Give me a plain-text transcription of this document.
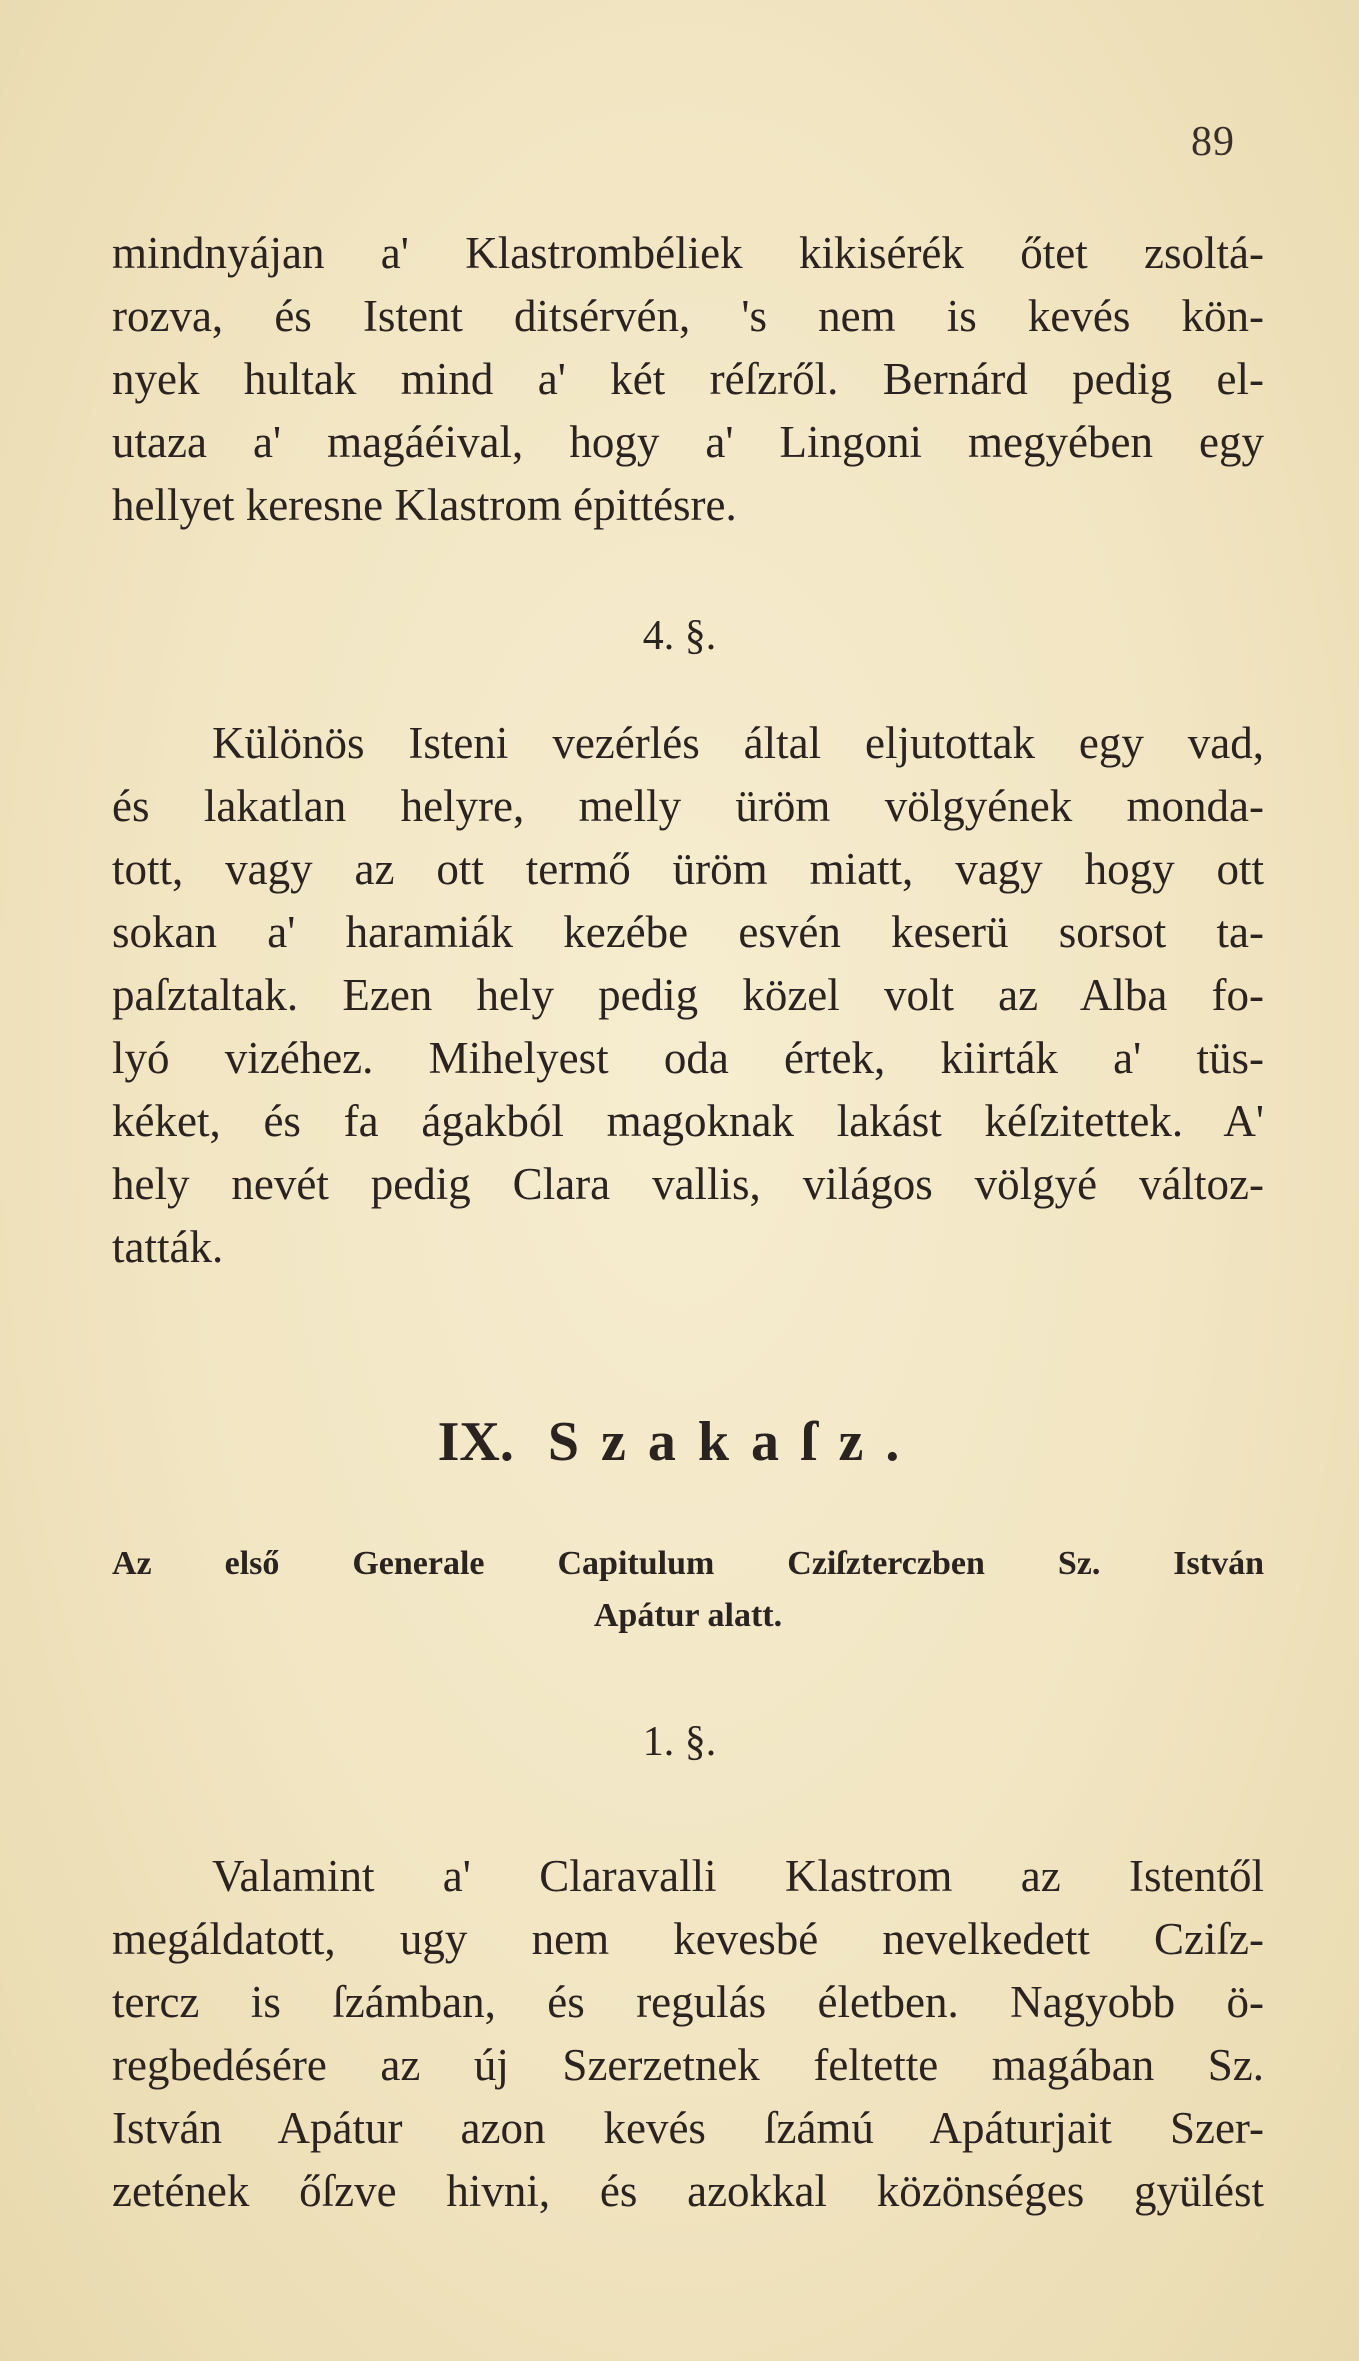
89
mindnyájan a' Klastrombéliek kikisérék őtet zsoltá-
rozva, és Istent ditsérvén, 's nem is kevés kön-
nyek hultak mind a' két réſzről. Bernárd pedig el-
utaza a' magáéival, hogy a' Lingoni megyében egy
hellyet keresne Klastrom épittésre.
4. §.
Különös Isteni vezérlés által eljutottak egy vad,
és lakatlan helyre, melly üröm völgyének monda-
tott, vagy az ott termő üröm miatt, vagy hogy ott
sokan a' haramiák kezébe esvén keserü sorsot ta-
paſztaltak. Ezen hely pedig közel volt az Alba fo-
lyó vizéhez. Mihelyest oda értek, kiirták a' tüs-
kéket, és fa ágakból magoknak lakást kéſzitettek. A'
hely nevét pedig Clara vallis, világos völgyé változ-
tatták.
IX. Szakaſz.
Az első Generale Capitulum Cziſzterczben Sz. István
Apátur alatt.
1. §.
Valamint a' Claravalli Klastrom az Istentől
megáldatott, ugy nem kevesbé nevelkedett Cziſz-
tercz is ſzámban, és regulás életben. Nagyobb ö-
regbedésére az új Szerzetnek feltette magában Sz.
István Apátur azon kevés ſzámú Apáturjait Szer-
zetének őſzve hivni, és azokkal közönséges gyülést
